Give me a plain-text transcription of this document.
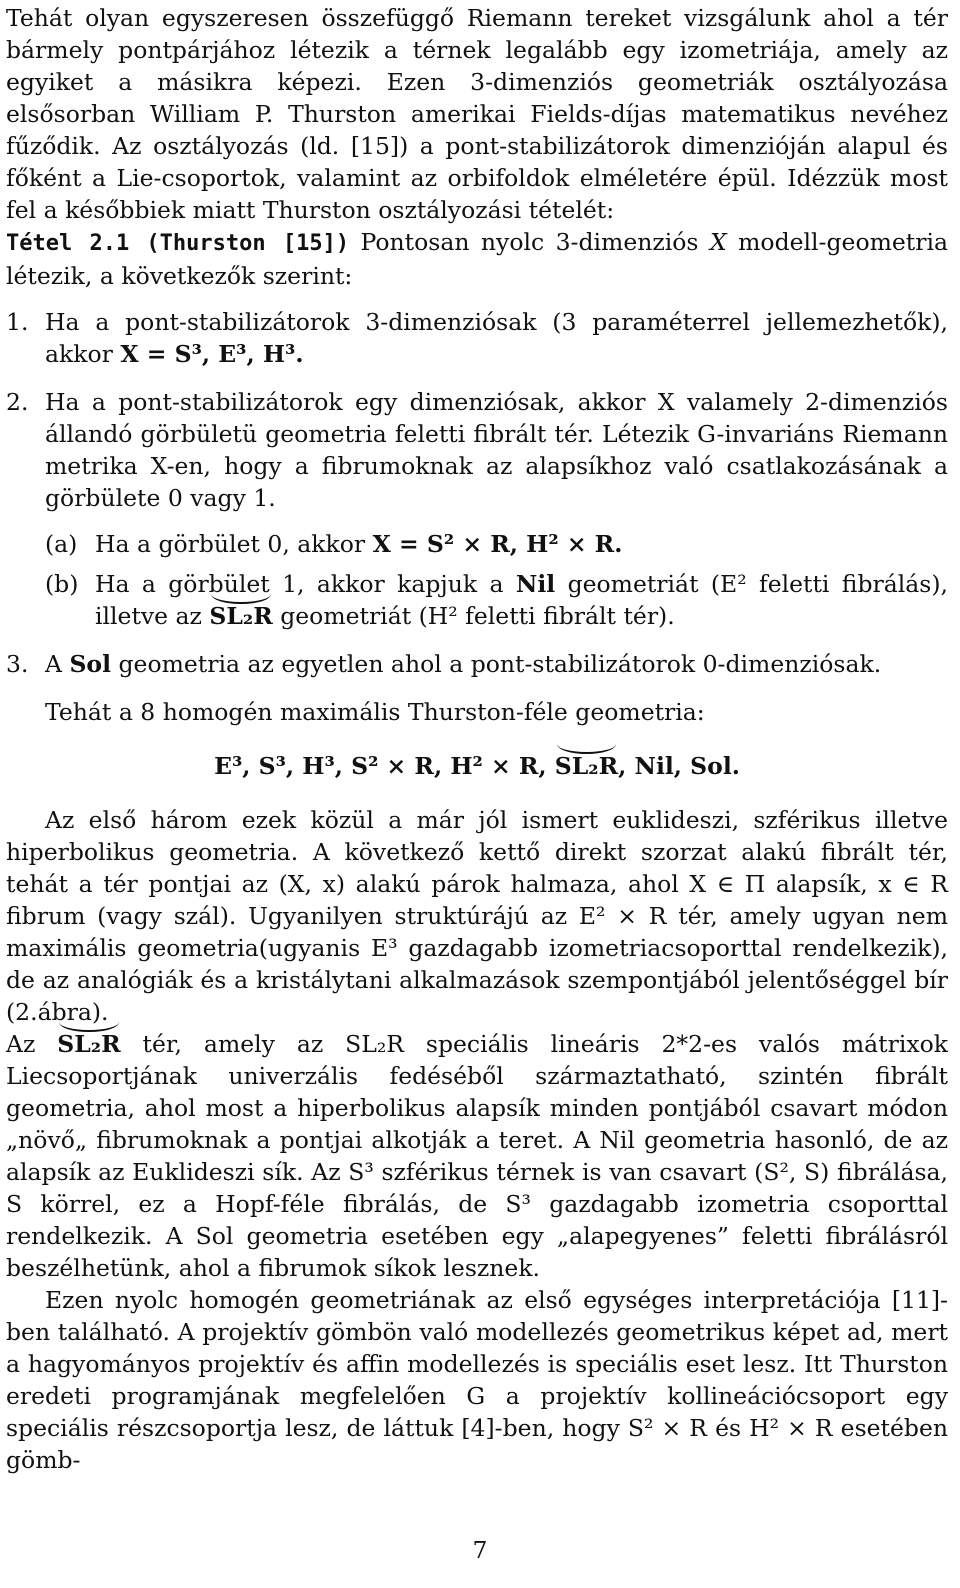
Tehát olyan egyszeresen összefüggő Riemann tereket vizsgálunk ahol a tér bármely pontpárjához létezik a térnek legalább egy izometriája, amely az egyiket a másikra képezi. Ezen 3-dimenziós geometriák osztályozása elsősorban William P. Thurston amerikai Fields-díjas matematikus nevéhez fűződik. Az osztályozás (ld. [15]) a pont-stabilizátorok dimenzióján alapul és főként a Lie-csoportok, valamint az orbifoldok elméletére épül. Idézzük most fel a későbbiek miatt Thurston osztályozási tételét:

Tétel 2.1 (Thurston [15]) Pontosan nyolc 3-dimenziós X modell-geometria létezik, a következők szerint:

1. Ha a pont-stabilizátorok 3-dimenziósak (3 paraméterrel jellemezhetők), akkor X = S³, E³, H³.
2. Ha a pont-stabilizátorok egy dimenziósak, akkor X valamely 2-dimenziós állandó görbületü geometria feletti fibrált tér. Létezik G-invariáns Riemann metrika X-en, hogy a fibrumoknak az alapsíkhoz való csatlakozásának a görbülete 0 vagy 1.
(a) Ha a görbület 0, akkor X = S² × R, H² × R.
(b) Ha a görbület 1, akkor kapjuk a Nil geometriát (E² feletti fibrálás), illetve az SL₂R geometriát (H² feletti fibrált tér).
3. A Sol geometria az egyetlen ahol a pont-stabilizátorok 0-dimenziósak.

Tehát a 8 homogén maximális Thurston-féle geometria:

E³, S³, H³, S² × R, H² × R, SL₂R, Nil, Sol.

Az első három ezek közül a már jól ismert euklideszi, szférikus illetve hiperbolikus geometria. A következő kettő direkt szorzat alakú fibrált tér, tehát a tér pontjai az (X, x) alakú párok halmaza, ahol X ∈ Π alapsík, x ∈ R fibrum (vagy szál). Ugyanilyen struktúrájú az E² × R tér, amely ugyan nem maximális geometria(ugyanis E³ gazdagabb izometriacsoporttal rendelkezik), de az analógiák és a kristálytani alkalmazások szempontjából jelentőséggel bír (2.ábra).

Az SL₂R tér, amely az SL₂R speciális lineáris 2*2-es valós mátrixok Liecsoportjának univerzális fedéséből származtatható, szintén fibrált geometria, ahol most a hiperbolikus alapsík minden pontjából csavart módon „növő„ fibrumoknak a pontjai alkotják a teret. A Nil geometria hasonló, de az alapsík az Euklideszi sík. Az S³ szférikus térnek is van csavart (S², S) fibrálása, S körrel, ez a Hopf-féle fibrálás, de S³ gazdagabb izometria csoporttal rendelkezik. A Sol geometria esetében egy „alapegyenes” feletti fibrálásról beszélhetünk, ahol a fibrumok síkok lesznek.

Ezen nyolc homogén geometriának az első egységes interpretációja [11]-ben található. A projektív gömbön való modellezés geometrikus képet ad, mert a hagyományos projektív és affin modellezés is speciális eset lesz. Itt Thurston eredeti programjának megfelelően G a projektív kollineációcsoport egy speciális részcsoportja lesz, de láttuk [4]-ben, hogy S² × R és H² × R esetében gömb-

7
